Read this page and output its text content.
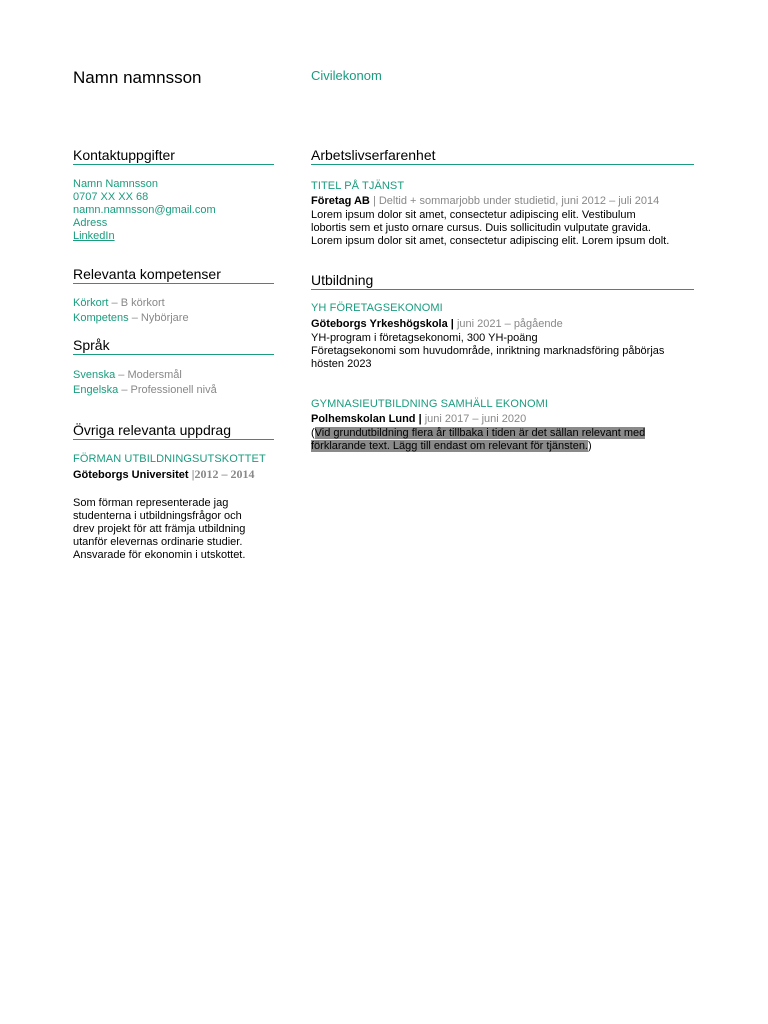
Namn namnsson	Civilekonom
Kontaktuppgifter
Namn Namnsson
0707 XX XX 68
namn.namnsson@gmail.com
Adress
LinkedIn
Relevanta kompetenser
Körkort – B körkort
Kompetens – Nybörjare
Språk
Svenska – Modersmål
Engelska – Professionell nivå
Övriga relevanta uppdrag
FÖRMAN UTBILDNINGSUTSKOTTET
Göteborgs Universitet |2012 – 2014
Som förman representerade jag
studenterna i utbildningsfrågor och
drev projekt för att främja utbildning
utanför elevernas ordinarie studier.
Ansvarade för ekonomin i utskottet.
Arbetslivserfarenhet
TITEL PÅ TJÄNST
Företag AB | Deltid + sommarjobb under studietid, juni 2012 – juli 2014
Lorem ipsum dolor sit amet, consectetur adipiscing elit. Vestibulum
lobortis sem et justo ornare cursus. Duis sollicitudin vulputate gravida.
Lorem ipsum dolor sit amet, consectetur adipiscing elit. Lorem ipsum dolt.
Utbildning
YH FÖRETAGSEKONOMI
Göteborgs Yrkeshögskola | juni 2021 – pågående
YH-program i företagsekonomi, 300 YH-poäng
Företagsekonomi som huvudområde, inriktning marknadsföring påbörjas
hösten 2023
GYMNASIEUTBILDNING SAMHÄLL EKONOMI
Polhemskolan Lund | juni 2017 – juni 2020
(Vid grundutbildning flera år tillbaka i tiden är det sällan relevant med
förklarande text. Lägg till endast om relevant för tjänsten.)
